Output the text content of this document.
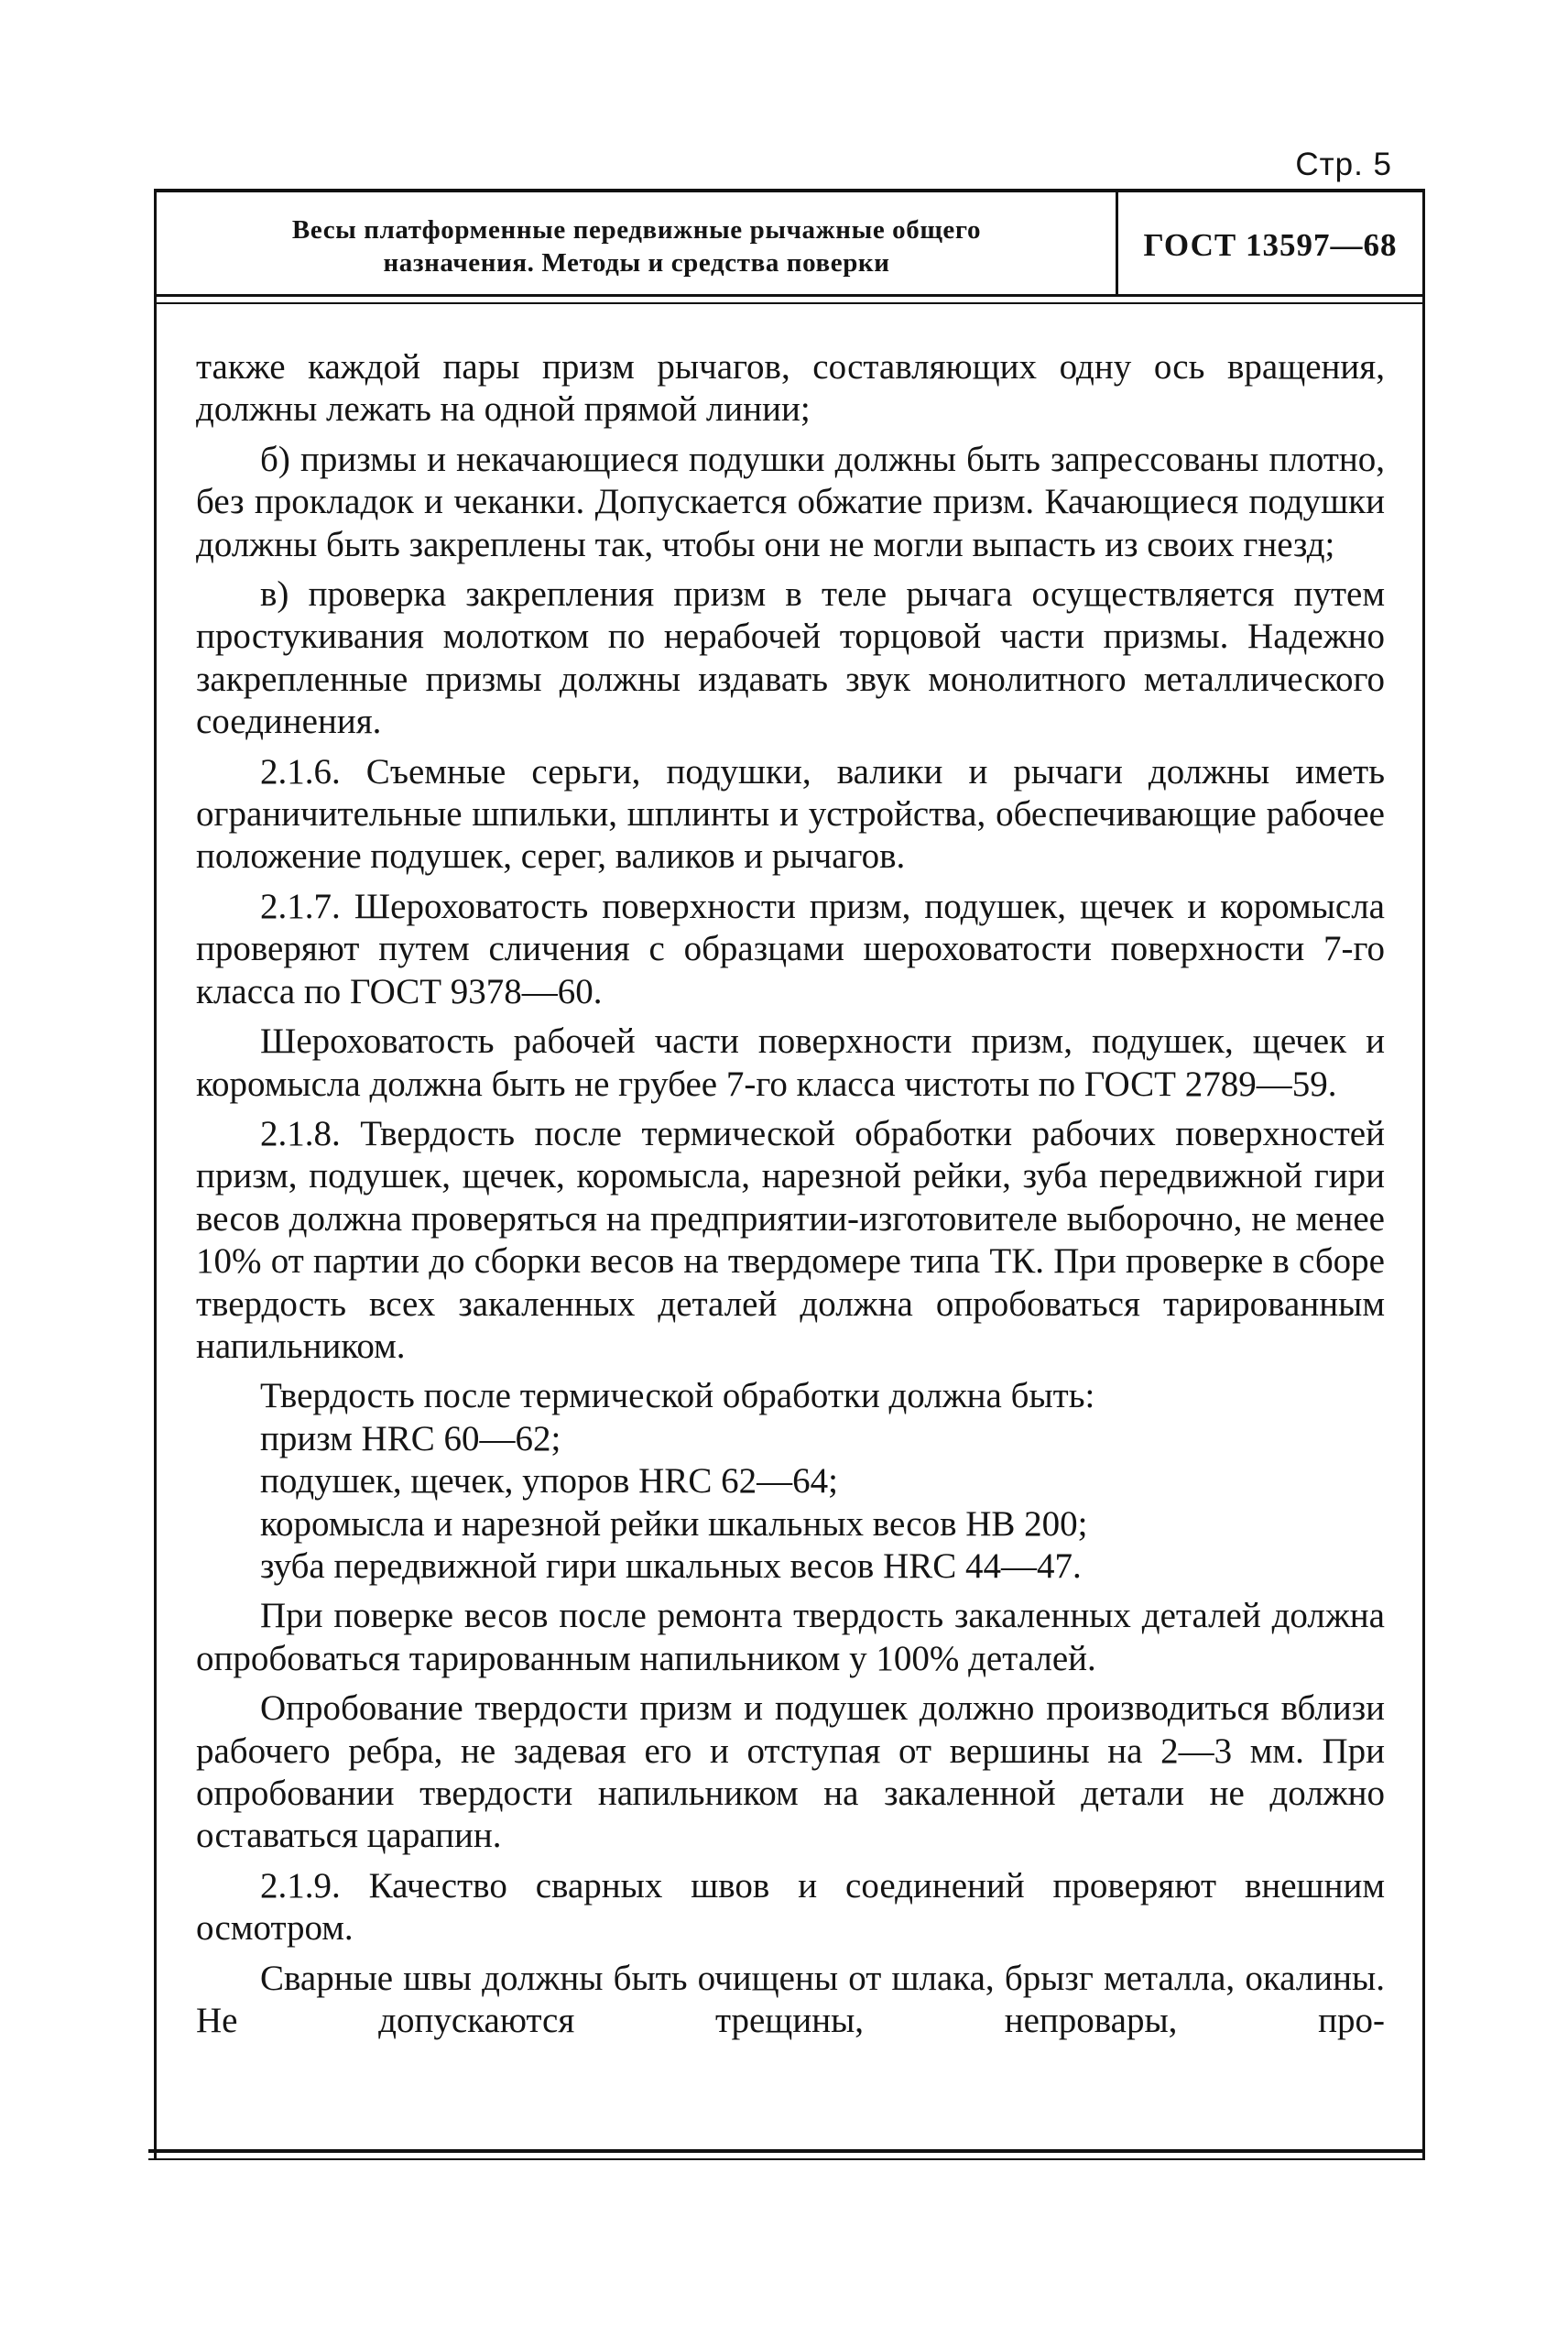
Стр. 5
Весы платформенные передвижные рычажные общего
назначения. Методы и средства поверки	ГОСТ 13597—68

также каждой пары призм рычагов, составляющих одну ось вращения, должны лежать на одной прямой линии;

б) призмы и некачающиеся подушки должны быть запрессованы плотно, без прокладок и чеканки. Допускается обжатие призм. Качающиеся подушки должны быть закреплены так, чтобы они не могли выпасть из своих гнезд;

в) проверка закрепления призм в теле рычага осуществляется путем простукивания молотком по нерабочей торцовой части призмы. Надежно закрепленные призмы должны издавать звук монолитного металлического соединения.

2.1.6. Съемные серьги, подушки, валики и рычаги должны иметь ограничительные шпильки, шплинты и устройства, обеспечивающие рабочее положение подушек, серег, валиков и рычагов.

2.1.7. Шероховатость поверхности призм, подушек, щечек и коромысла проверяют путем сличения с образцами шероховатости поверхности 7-го класса по ГОСТ 9378—60.

Шероховатость рабочей части поверхности призм, подушек, щечек и коромысла должна быть не грубее 7-го класса чистоты по ГОСТ 2789—59.

2.1.8. Твердость после термической обработки рабочих поверхностей призм, подушек, щечек, коромысла, нарезной рейки, зуба передвижной гири весов должна проверяться на предприятии-изготовителе выборочно, не менее 10% от партии до сборки весов на твердомере типа ТК. При проверке в сборе твердость всех закаленных деталей должна опробоваться тарированным напильником.

Твердость после термической обработки должна быть:

призм HRC 60—62;

подушек, щечек, упоров HRC 62—64;

коромысла и нарезной рейки шкальных весов НВ 200;

зуба передвижной гири шкальных весов HRC 44—47.

При поверке весов после ремонта твердость закаленных деталей должна опробоваться тарированным напильником у 100% деталей.

Опробование твердости призм и подушек должно производиться вблизи рабочего ребра, не задевая его и отступая от вершины на 2—3 мм. При опробовании твердости напильником на закаленной детали не должно оставаться царапин.

2.1.9. Качество сварных швов и соединений проверяют внешним осмотром.

Сварные швы должны быть очищены от шлака, брызг металла, окалины. Не допускаются трещины, непровары, про-
